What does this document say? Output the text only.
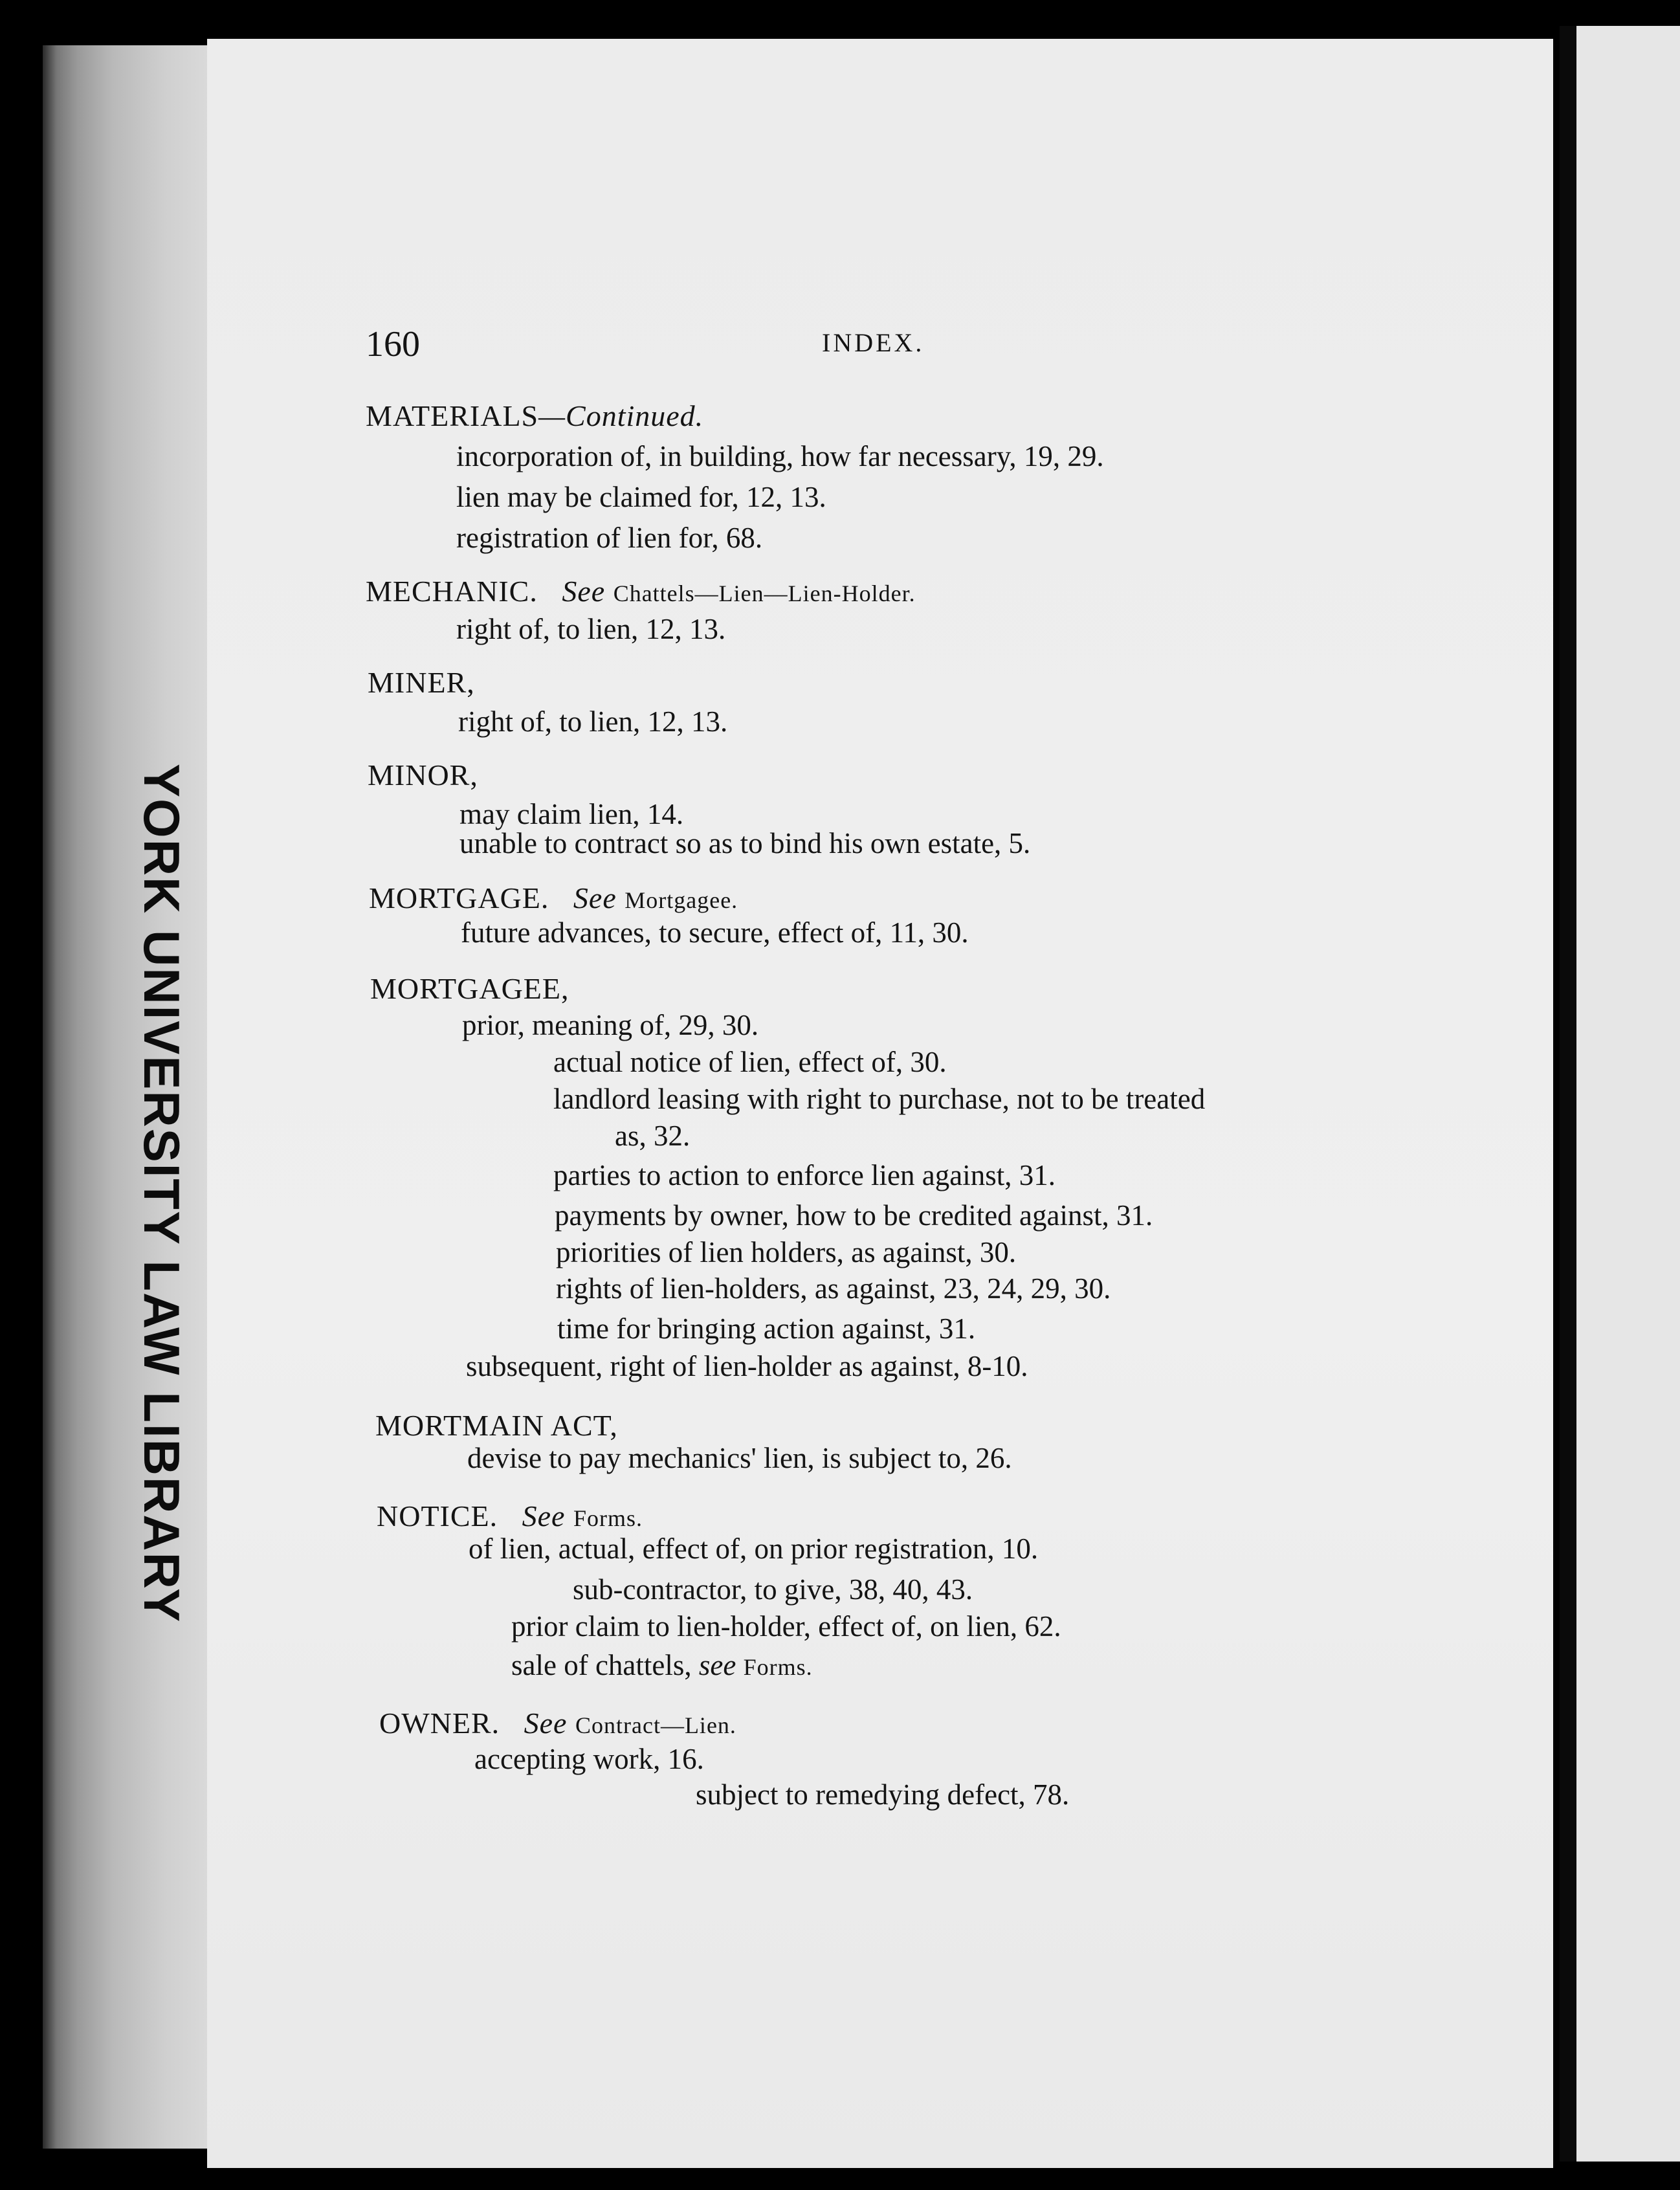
YORK UNIVERSITY LAW LIBRARY
160	INDEX.
MATERIALS—Continued.
incorporation of, in building, how far necessary, 19, 29.
lien may be claimed for, 12, 13.
registration of lien for, 68.
MECHANIC. See Chattels—Lien—Lien-Holder.
right of, to lien, 12, 13.
MINER,
right of, to lien, 12, 13.
MINOR,
may claim lien, 14.
unable to contract so as to bind his own estate, 5.
MORTGAGE. See Mortgagee.
future advances, to secure, effect of, 11, 30.
MORTGAGEE,
prior, meaning of, 29, 30.
actual notice of lien, effect of, 30.
landlord leasing with right to purchase, not to be treated
as, 32.
parties to action to enforce lien against, 31.
payments by owner, how to be credited against, 31.
priorities of lien holders, as against, 30.
rights of lien-holders, as against, 23, 24, 29, 30.
time for bringing action against, 31.
subsequent, right of lien-holder as against, 8-10.
MORTMAIN ACT,
devise to pay mechanics' lien, is subject to, 26.
NOTICE. See Forms.
of lien, actual, effect of, on prior registration, 10.
sub-contractor, to give, 38, 40, 43.
prior claim to lien-holder, effect of, on lien, 62.
sale of chattels, see Forms.
OWNER. See Contract—Lien.
accepting work, 16.
subject to remedying defect, 78.
